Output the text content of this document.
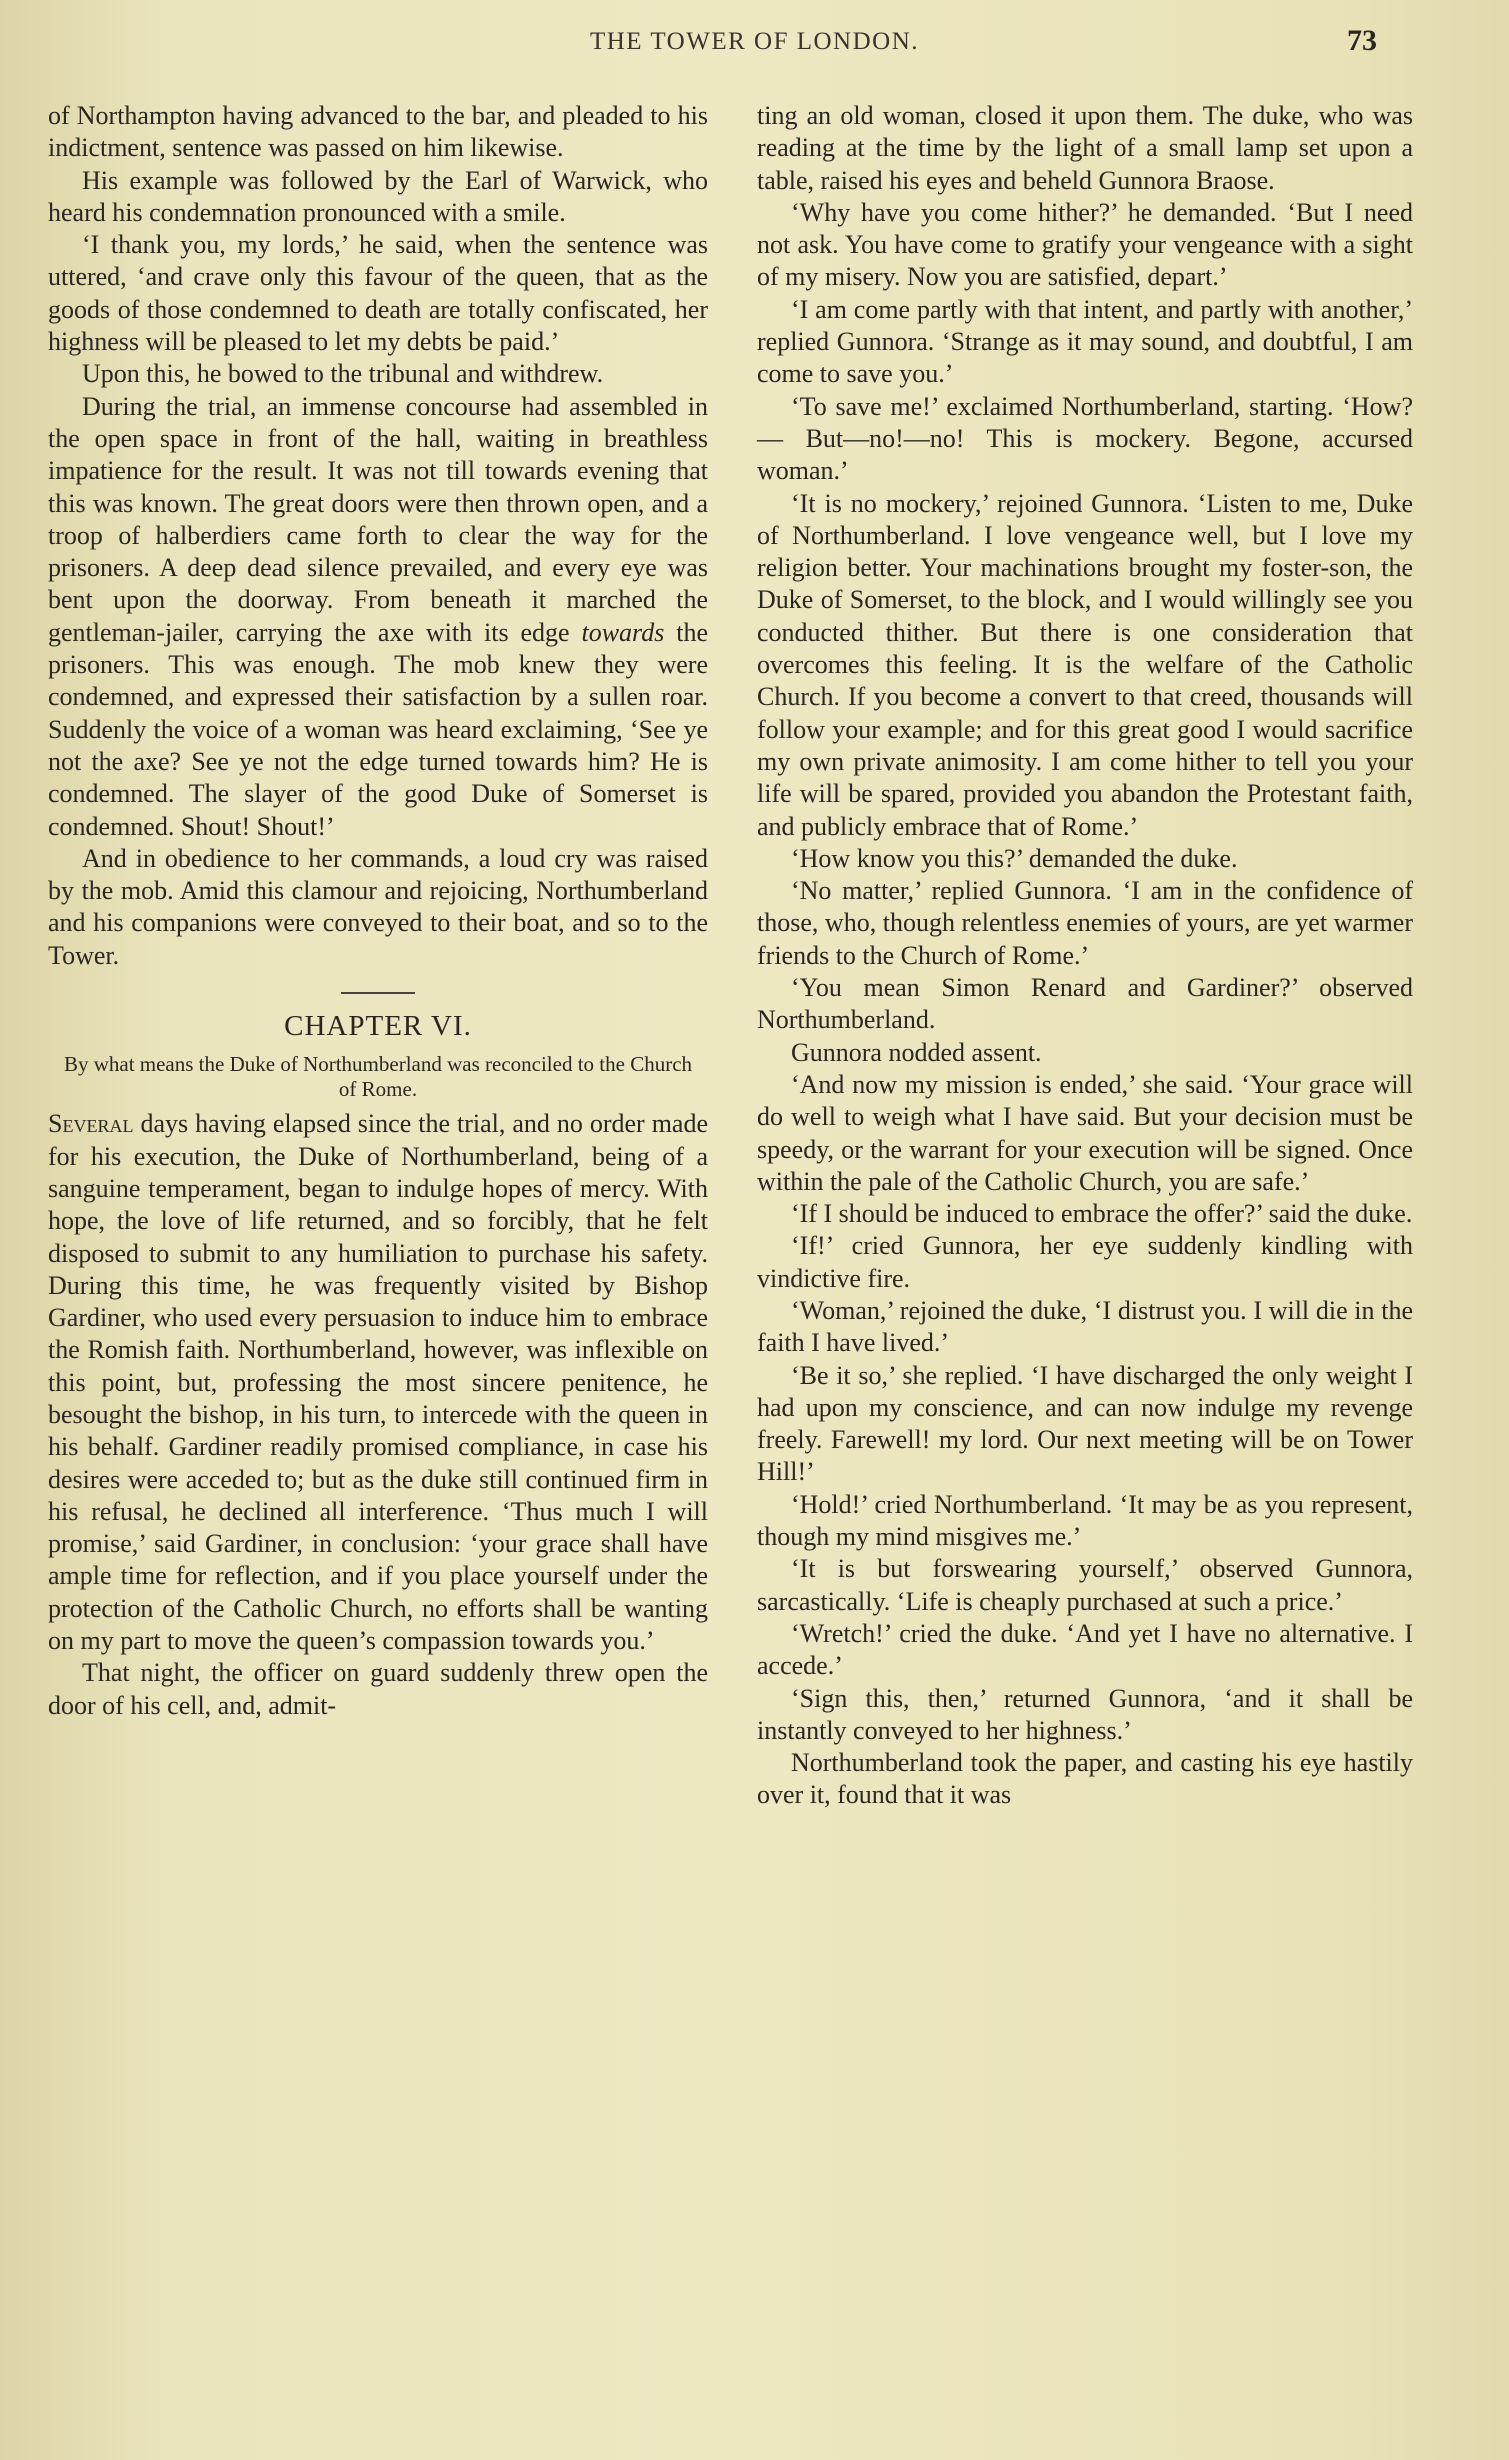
THE TOWER OF LONDON.	73

of Northampton having advanced to the bar, and pleaded to his indictment, sentence was passed on him likewise.

His example was followed by the Earl of Warwick, who heard his condemnation pronounced with a smile.

‘I thank you, my lords,’ he said, when the sentence was uttered, ‘and crave only this favour of the queen, that as the goods of those condemned to death are totally confiscated, her highness will be pleased to let my debts be paid.’

Upon this, he bowed to the tribunal and withdrew.

During the trial, an immense concourse had assembled in the open space in front of the hall, waiting in breathless impatience for the result. It was not till towards evening that this was known. The great doors were then thrown open, and a troop of halberdiers came forth to clear the way for the prisoners. A deep dead silence prevailed, and every eye was bent upon the doorway. From beneath it marched the gentleman-jailer, carrying the axe with its edge towards the prisoners. This was enough. The mob knew they were condemned, and expressed their satisfaction by a sullen roar. Suddenly the voice of a woman was heard exclaiming, ‘See ye not the axe? See ye not the edge turned towards him? He is condemned. The slayer of the good Duke of Somerset is condemned. Shout! Shout!’

And in obedience to her commands, a loud cry was raised by the mob. Amid this clamour and rejoicing, Northumberland and his companions were conveyed to their boat, and so to the Tower.

CHAPTER VI.
By what means the Duke of Northumberland was reconciled to the Church of Rome.

Several days having elapsed since the trial, and no order made for his execution, the Duke of Northumberland, being of a sanguine temperament, began to indulge hopes of mercy. With hope, the love of life returned, and so forcibly, that he felt disposed to submit to any humiliation to purchase his safety. During this time, he was frequently visited by Bishop Gardiner, who used every persuasion to induce him to embrace the Romish faith. Northumberland, however, was inflexible on this point, but, professing the most sincere penitence, he besought the bishop, in his turn, to intercede with the queen in his behalf. Gardiner readily promised compliance, in case his desires were acceded to; but as the duke still continued firm in his refusal, he declined all interference. ‘Thus much I will promise,’ said Gardiner, in conclusion: ‘your grace shall have ample time for reflection, and if you place yourself under the protection of the Catholic Church, no efforts shall be wanting on my part to move the queen’s compassion towards you.’

That night, the officer on guard suddenly threw open the door of his cell, and, admit-

ting an old woman, closed it upon them. The duke, who was reading at the time by the light of a small lamp set upon a table, raised his eyes and beheld Gunnora Braose.

‘Why have you come hither?’ he demanded. ‘But I need not ask. You have come to gratify your vengeance with a sight of my misery. Now you are satisfied, depart.’

‘I am come partly with that intent, and partly with another,’ replied Gunnora. ‘Strange as it may sound, and doubtful, I am come to save you.’

‘To save me!’ exclaimed Northumberland, starting. ‘How? — But—no!—no! This is mockery. Begone, accursed woman.’

‘It is no mockery,’ rejoined Gunnora. ‘Listen to me, Duke of Northumberland. I love vengeance well, but I love my religion better. Your machinations brought my foster-son, the Duke of Somerset, to the block, and I would willingly see you conducted thither. But there is one consideration that overcomes this feeling. It is the welfare of the Catholic Church. If you become a convert to that creed, thousands will follow your example; and for this great good I would sacrifice my own private animosity. I am come hither to tell you your life will be spared, provided you abandon the Protestant faith, and publicly embrace that of Rome.’

‘How know you this?’ demanded the duke.

‘No matter,’ replied Gunnora. ‘I am in the confidence of those, who, though relentless enemies of yours, are yet warmer friends to the Church of Rome.’

‘You mean Simon Renard and Gardiner?’ observed Northumberland.

Gunnora nodded assent.

‘And now my mission is ended,’ she said. ‘Your grace will do well to weigh what I have said. But your decision must be speedy, or the warrant for your execution will be signed. Once within the pale of the Catholic Church, you are safe.’

‘If I should be induced to embrace the offer?’ said the duke.

‘If!’ cried Gunnora, her eye suddenly kindling with vindictive fire.

‘Woman,’ rejoined the duke, ‘I distrust you. I will die in the faith I have lived.’

‘Be it so,’ she replied. ‘I have discharged the only weight I had upon my conscience, and can now indulge my revenge freely. Farewell! my lord. Our next meeting will be on Tower Hill!’

‘Hold!’ cried Northumberland. ‘It may be as you represent, though my mind misgives me.’

‘It is but forswearing yourself,’ observed Gunnora, sarcastically. ‘Life is cheaply purchased at such a price.’

‘Wretch!’ cried the duke. ‘And yet I have no alternative. I accede.’

‘Sign this, then,’ returned Gunnora, ‘and it shall be instantly conveyed to her highness.’

Northumberland took the paper, and casting his eye hastily over it, found that it was
